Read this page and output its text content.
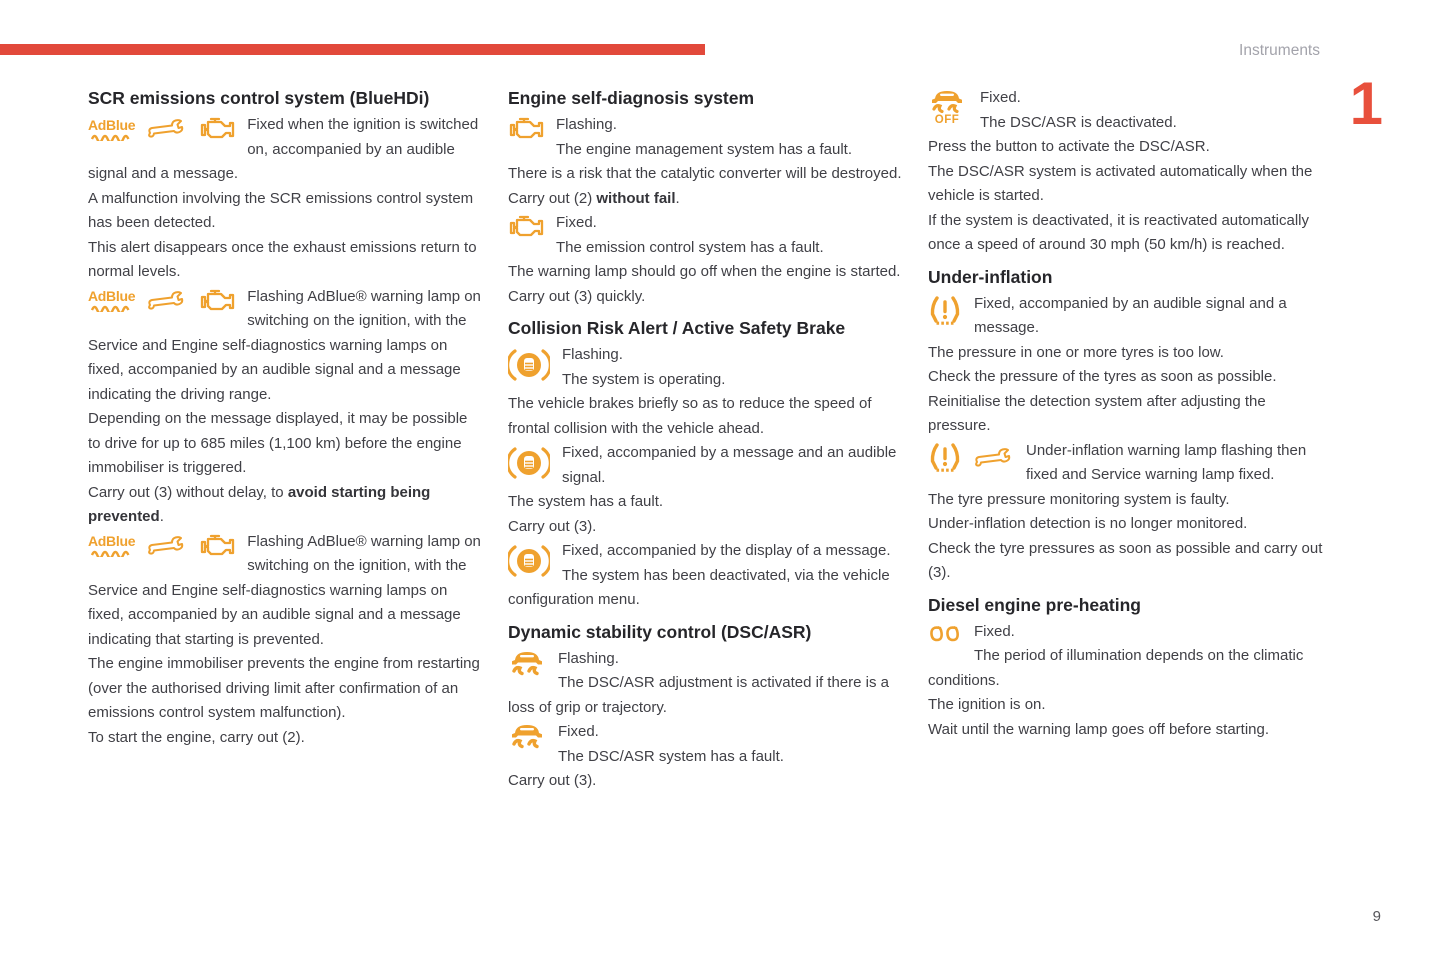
Instruments
1
9
SCR emissions control system (BlueHDi)

AdBlue	Fixed when the ignition is switched on, accompanied by an audible signal and a message.

A malfunction involving the SCR emissions control system has been detected.

This alert disappears once the exhaust emissions return to normal levels.

AdBlue	Flashing AdBlue® warning lamp on switching on the ignition, with the Service and Engine self-diagnostics warning lamps on fixed, accompanied by an audible signal and a message indicating the driving range.

Depending on the message displayed, it may be possible to drive for up to 685 miles (1,100 km) before the engine immobiliser is triggered.

Carry out (3) without delay, to avoid starting being prevented.

AdBlue	Flashing AdBlue® warning lamp on switching on the ignition, with the Service and Engine self-diagnostics warning lamps on fixed, accompanied by an audible signal and a message indicating that starting is prevented.

The engine immobiliser prevents the engine from restarting (over the authorised driving limit after confirmation of an emissions control system malfunction).

To start the engine, carry out (2).

Engine self-diagnosis system

Flashing.
The engine management system has a fault.

There is a risk that the catalytic converter will be destroyed.

Carry out (2) without fail.

Fixed.
The emission control system has a fault.

The warning lamp should go off when the engine is started.

Carry out (3) quickly.

Collision Risk Alert / Active Safety Brake

Flashing.
The system is operating.

The vehicle brakes briefly so as to reduce the speed of frontal collision with the vehicle ahead.

Fixed, accompanied by a message and an audible signal.

The system has a fault.

Carry out (3).

Fixed, accompanied by the display of a message.

The system has been deactivated, via the vehicle configuration menu.

Dynamic stability control (DSC/ASR)

Flashing.
The DSC/ASR adjustment is activated if there is a loss of grip or trajectory.

Fixed.
The DSC/ASR system has a fault.

Carry out (3).

OFF
Fixed.
The DSC/ASR is deactivated.

Press the button to activate the DSC/ASR.

The DSC/ASR system is activated automatically when the vehicle is started.

If the system is deactivated, it is reactivated automatically once a speed of around 30 mph (50 km/h) is reached.

Under-inflation

Fixed, accompanied by an audible signal and a message.

The pressure in one or more tyres is too low.

Check the pressure of the tyres as soon as possible.

Reinitialise the detection system after adjusting the pressure.

Under-inflation warning lamp flashing then fixed and Service warning lamp fixed.

The tyre pressure monitoring system is faulty.

Under-inflation detection is no longer monitored.

Check the tyre pressures as soon as possible and carry out (3).

Diesel engine pre-heating

Fixed.
The period of illumination depends on the climatic conditions.

The ignition is on.

Wait until the warning lamp goes off before starting.
